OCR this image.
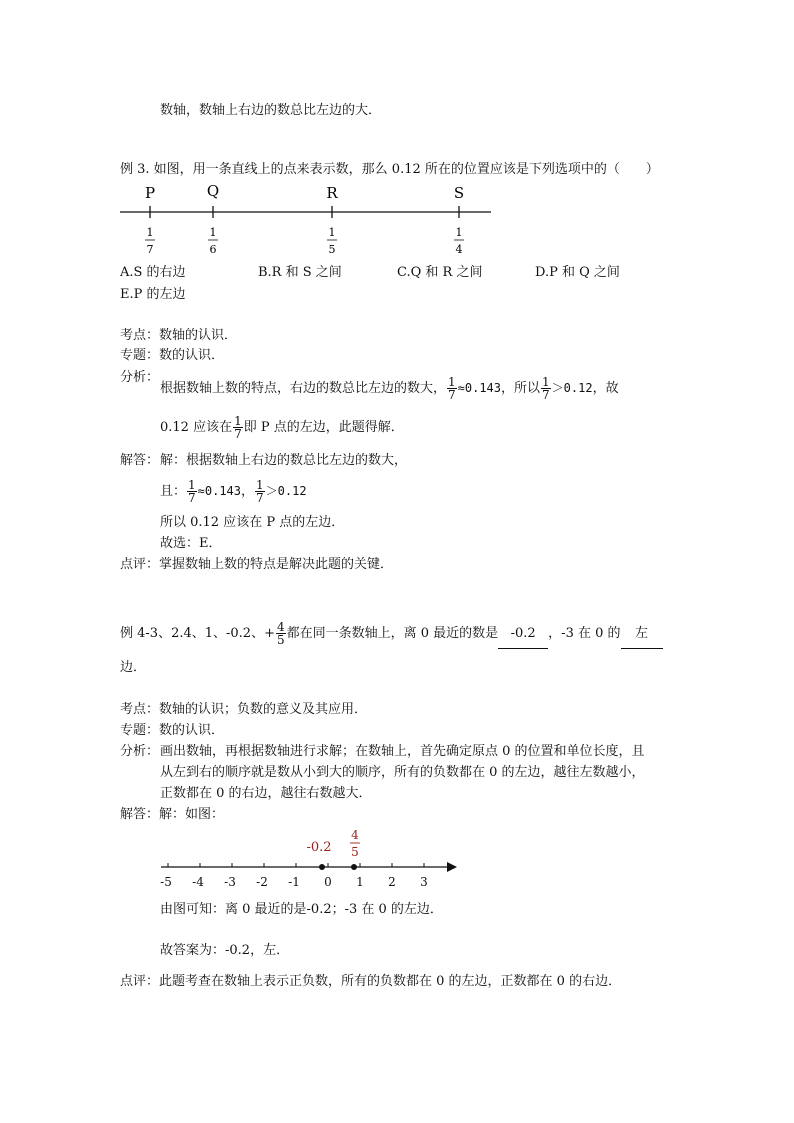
数轴，数轴上右边的数总比左边的大．
例 3. 如图，用一条直线上的点来表示数，那么 0.12 所在的位置应该是下列选项中的（　　）
P
1
7
Q
1
6
R
1
5
S
1
4
A.S 的右边	B.R 和 S 之间	C.Q 和 R 之间	D.P 和 Q 之间
E.P 的左边
考点：数轴的认识．
专题：数的认识．
分析：
根据数轴上数的特点，右边的数总比左边的数大， $\frac{1}{7} \approx 0.143$，所以 $\frac{1}{7} >0.12$，故
0.12 应该在 $\frac{1}{7}$ 即 P 点的左边，此题得解．
解答： 解：根据数轴上右边的数总比左边的数大，
且： $\frac{1}{7} \approx 0.143$， $\frac{1}{7} >0.12$
所以 0.12 应该在 P 点的左边．
故选：E．
点评：掌握数轴上数的特点是解决此题的关键．
例 4-3、2.4、1、-0.2、+ $\frac{4}{5}$ 都在同一条数轴上，离 0 最近的数是 -0.2 ，-3 在 0 的 左
边．
考点：数轴的认识；负数的意义及其应用．
专题：数的认识．
分析： 画出数轴，再根据数轴进行求解；在数轴上，首先确定原点 0 的位置和单位长度，且
从左到右的顺序就是数从小到大的顺序，所有的负数都在 0 的左边，越往左数越小，
正数都在 0 的右边，越往右数越大．
解答：解：如图：
-5 -4 -3 -2 -1 0 1 2 3
-0.2
4
5
由图可知：离 0 最近的是-0.2；-3 在 0 的左边．
故答案为：-0.2，左．
点评：此题考查在数轴上表示正负数，所有的负数都在 0 的左边，正数都在 0 的右边．
